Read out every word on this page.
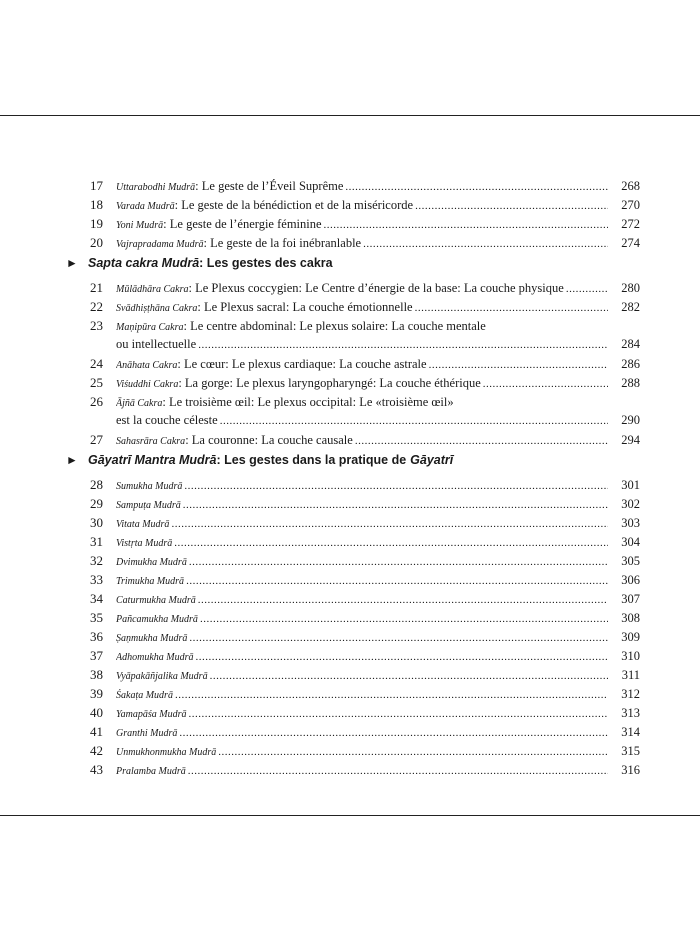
17	Uttarabodhi Mudrā : Le geste de l’Éveil Suprême .....	268
18	Varada Mudrā : Le geste de la bénédiction et de la miséricorde .....	270
19	Yoni Mudrā : Le geste de l’énergie féminine .....	272
20	Vajrapradama Mudrā : Le geste de la foi inébranlable .....	274
► Sapta cakra Mudrā : Les gestes des cakra
21	Mūlādhāra Cakra : Le Plexus coccygien: Le Centre d’énergie de la base: La couche physique .....	280
22	Svādhiṣṭhāna Cakra : Le Plexus sacral: La couche émotionnelle .....	282
23	Maṇipūra Cakra : Le centre abdominal: Le plexus solaire: La couche mentale
ou intellectuelle .....	284
24	Anāhata Cakra : Le cœur: Le plexus cardiaque: La couche astrale .....	286
25	Viśuddhi Cakra : La gorge: Le plexus laryngopharyngé: La couche éthérique .....	288
26	Ājñā Cakra : Le troisième œil: Le plexus occipital: Le «troisième œil»
est la couche céleste .....	290
27	Sahasrāra Cakra : La couronne: La couche causale .....	294
► Gāyatrī Mantra Mudrā : Les gestes dans la pratique de Gāyatrī
28	Sumukha Mudrā .....	301
29	Sampuṭa Mudrā .....	302
30	Vitata Mudrā .....	303
31	Vistṛta Mudrā .....	304
32	Dvimukha Mudrā .....	305
33	Trimukha Mudrā .....	306
34	Caturmukha Mudrā .....	307
35	Pañcamukha Mudrā .....	308
36	Ṣaṇmukha Mudrā .....	309
37	Adhomukha Mudrā .....	310
38	Vyāpakāñjalika Mudrā .....	311
39	Śakaṭa Mudrā .....	312
40	Yamapāśa Mudrā .....	313
41	Granthi Mudrā .....	314
42	Unmukhonmukha Mudrā .....	315
43	Pralamba Mudrā .....	316
